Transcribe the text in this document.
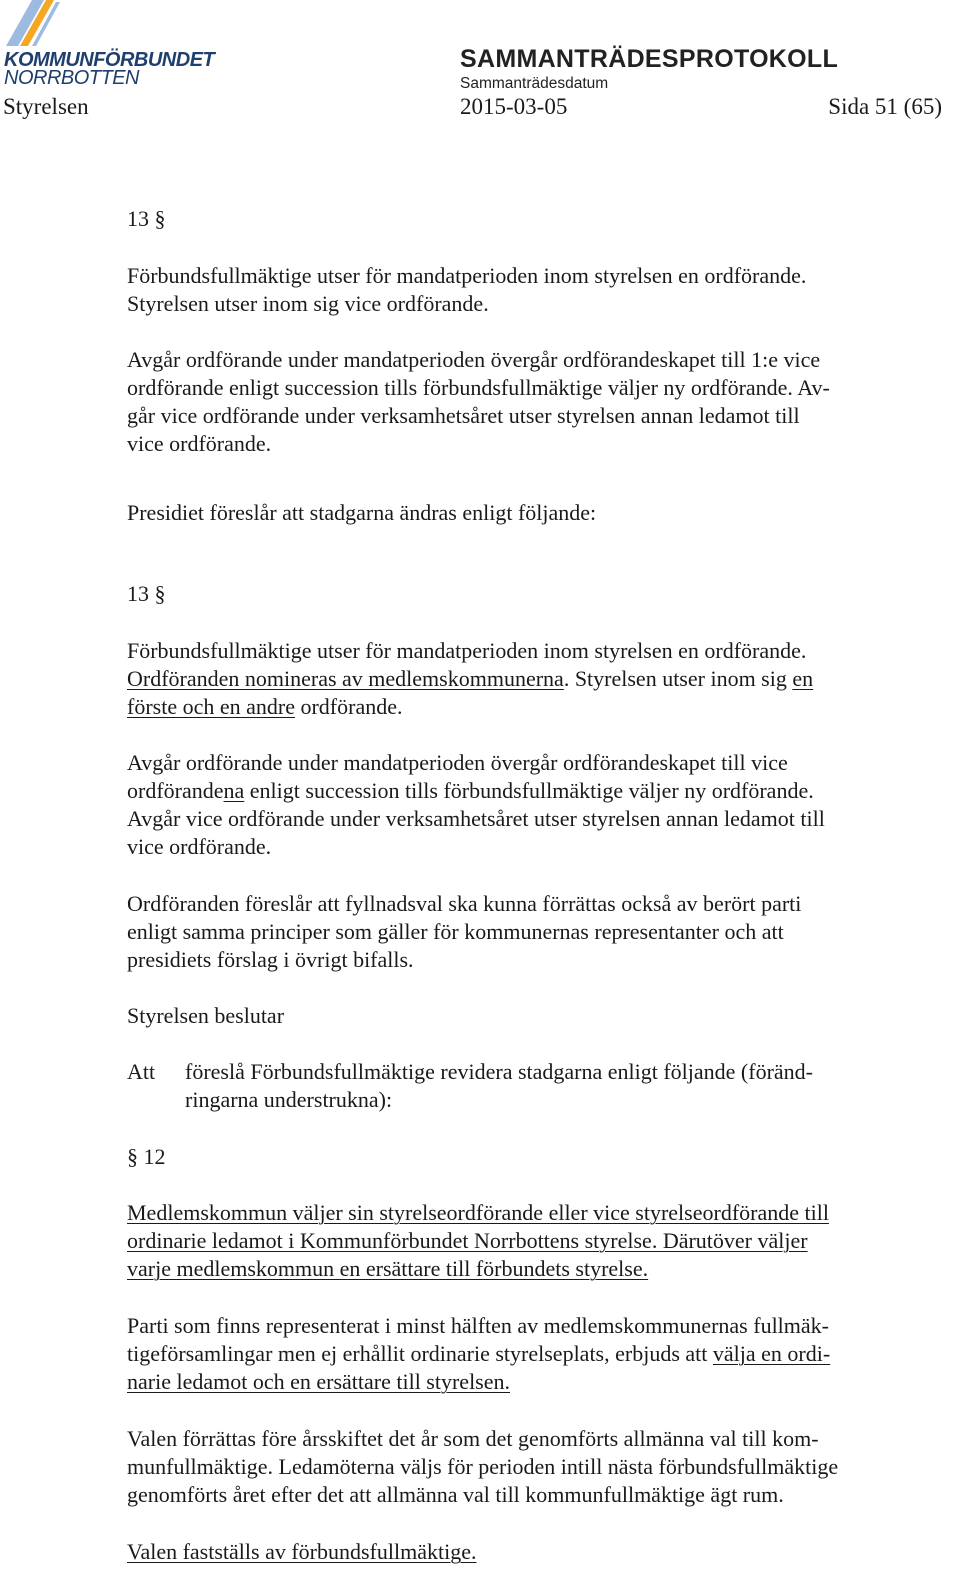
KOMMUNFÖRBUNDET
NORRBOTTEN
SAMMANTRÄDESPROTOKOLL
Sammanträdesdatum
Styrelsen	2015-03-05	Sida 51 (65)

13 §

Förbundsfullmäktige utser för mandatperioden inom styrelsen en ordförande.

Styrelsen utser inom sig vice ordförande.

Avgår ordförande under mandatperioden övergår ordförandeskapet till 1:e vice

ordförande enligt succession tills förbundsfullmäktige väljer ny ordförande. Av-

går vice ordförande under verksamhetsåret utser styrelsen annan ledamot till

vice ordförande.

Presidiet föreslår att stadgarna ändras enligt följande:

13 §

Förbundsfullmäktige utser för mandatperioden inom styrelsen en ordförande.

Ordföranden nomineras av medlemskommunerna. Styrelsen utser inom sig en

förste och en andre ordförande.

Avgår ordförande under mandatperioden övergår ordförandeskapet till vice

ordförandena enligt succession tills förbundsfullmäktige väljer ny ordförande.

Avgår vice ordförande under verksamhetsåret utser styrelsen annan ledamot till

vice ordförande.

Ordföranden föreslår att fyllnadsval ska kunna förrättas också av berört parti

enligt samma principer som gäller för kommunernas representanter och att

presidiets förslag i övrigt bifalls.

Styrelsen beslutar

Att föreslå Förbundsfullmäktige revidera stadgarna enligt följande (föränd-

ringarna understrukna):

§ 12

Medlemskommun väljer sin styrelseordförande eller vice styrelseordförande till

ordinarie ledamot i Kommunförbundet Norrbottens styrelse. Därutöver väljer

varje medlemskommun en ersättare till förbundets styrelse.

Parti som finns representerat i minst hälften av medlemskommunernas fullmäk-

tigeförsamlingar men ej erhållit ordinarie styrelseplats, erbjuds att välja en ordi-

narie ledamot och en ersättare till styrelsen.

Valen förrättas före årsskiftet det år som det genomförts allmänna val till kom-

munfullmäktige. Ledamöterna väljs för perioden intill nästa förbundsfullmäktige

genomförts året efter det att allmänna val till kommunfullmäktige ägt rum.

Valen fastställs av förbundsfullmäktige.
